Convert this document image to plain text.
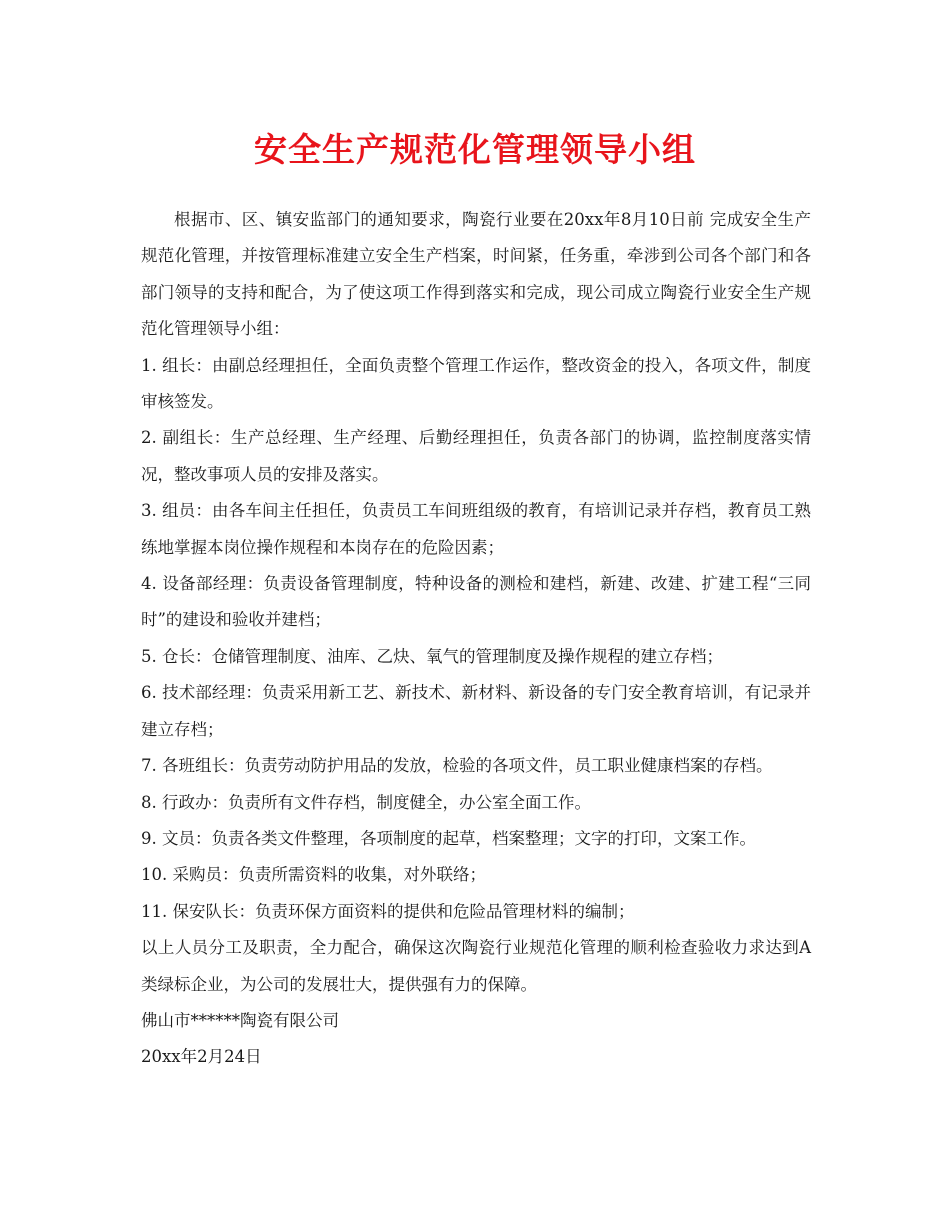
安全生产规范化管理领导小组

根据市、区、镇安监部门的通知要求，陶瓷行业要在20xx年8月10日前 完成安全生产规范化管理，并按管理标准建立安全生产档案，时间紧，任务重，牵涉到公司各个部门和各部门领导的支持和配合，为了使这项工作得到落实和完成，现公司成立陶瓷行业安全生产规范化管理领导小组：

1. 组长：由副总经理担任，全面负责整个管理工作运作，整改资金的投入，各项文件，制度审核签发。

2. 副组长：生产总经理、生产经理、后勤经理担任，负责各部门的协调，监控制度落实情况，整改事项人员的安排及落实。

3. 组员：由各车间主任担任，负责员工车间班组级的教育，有培训记录并存档，教育员工熟练地掌握本岗位操作规程和本岗存在的危险因素；

4. 设备部经理：负责设备管理制度，特种设备的测检和建档，新建、改建、扩建工程“三同时”的建设和验收并建档；

5. 仓长：仓储管理制度、油库、乙炔、氧气的管理制度及操作规程的建立存档；

6. 技术部经理：负责采用新工艺、新技术、新材料、新设备的专门安全教育培训，有记录并建立存档；

7. 各班组长：负责劳动防护用品的发放，检验的各项文件，员工职业健康档案的存档。

8. 行政办：负责所有文件存档，制度健全，办公室全面工作。

9. 文员：负责各类文件整理，各项制度的起草，档案整理；文字的打印，文案工作。

10. 采购员：负责所需资料的收集，对外联络；

11. 保安队长：负责环保方面资料的提供和危险品管理材料的编制；

以上人员分工及职责，全力配合，确保这次陶瓷行业规范化管理的顺利检查验收力求达到A类绿标企业，为公司的发展壮大，提供强有力的保障。

佛山市******陶瓷有限公司

20xx年2月24日
